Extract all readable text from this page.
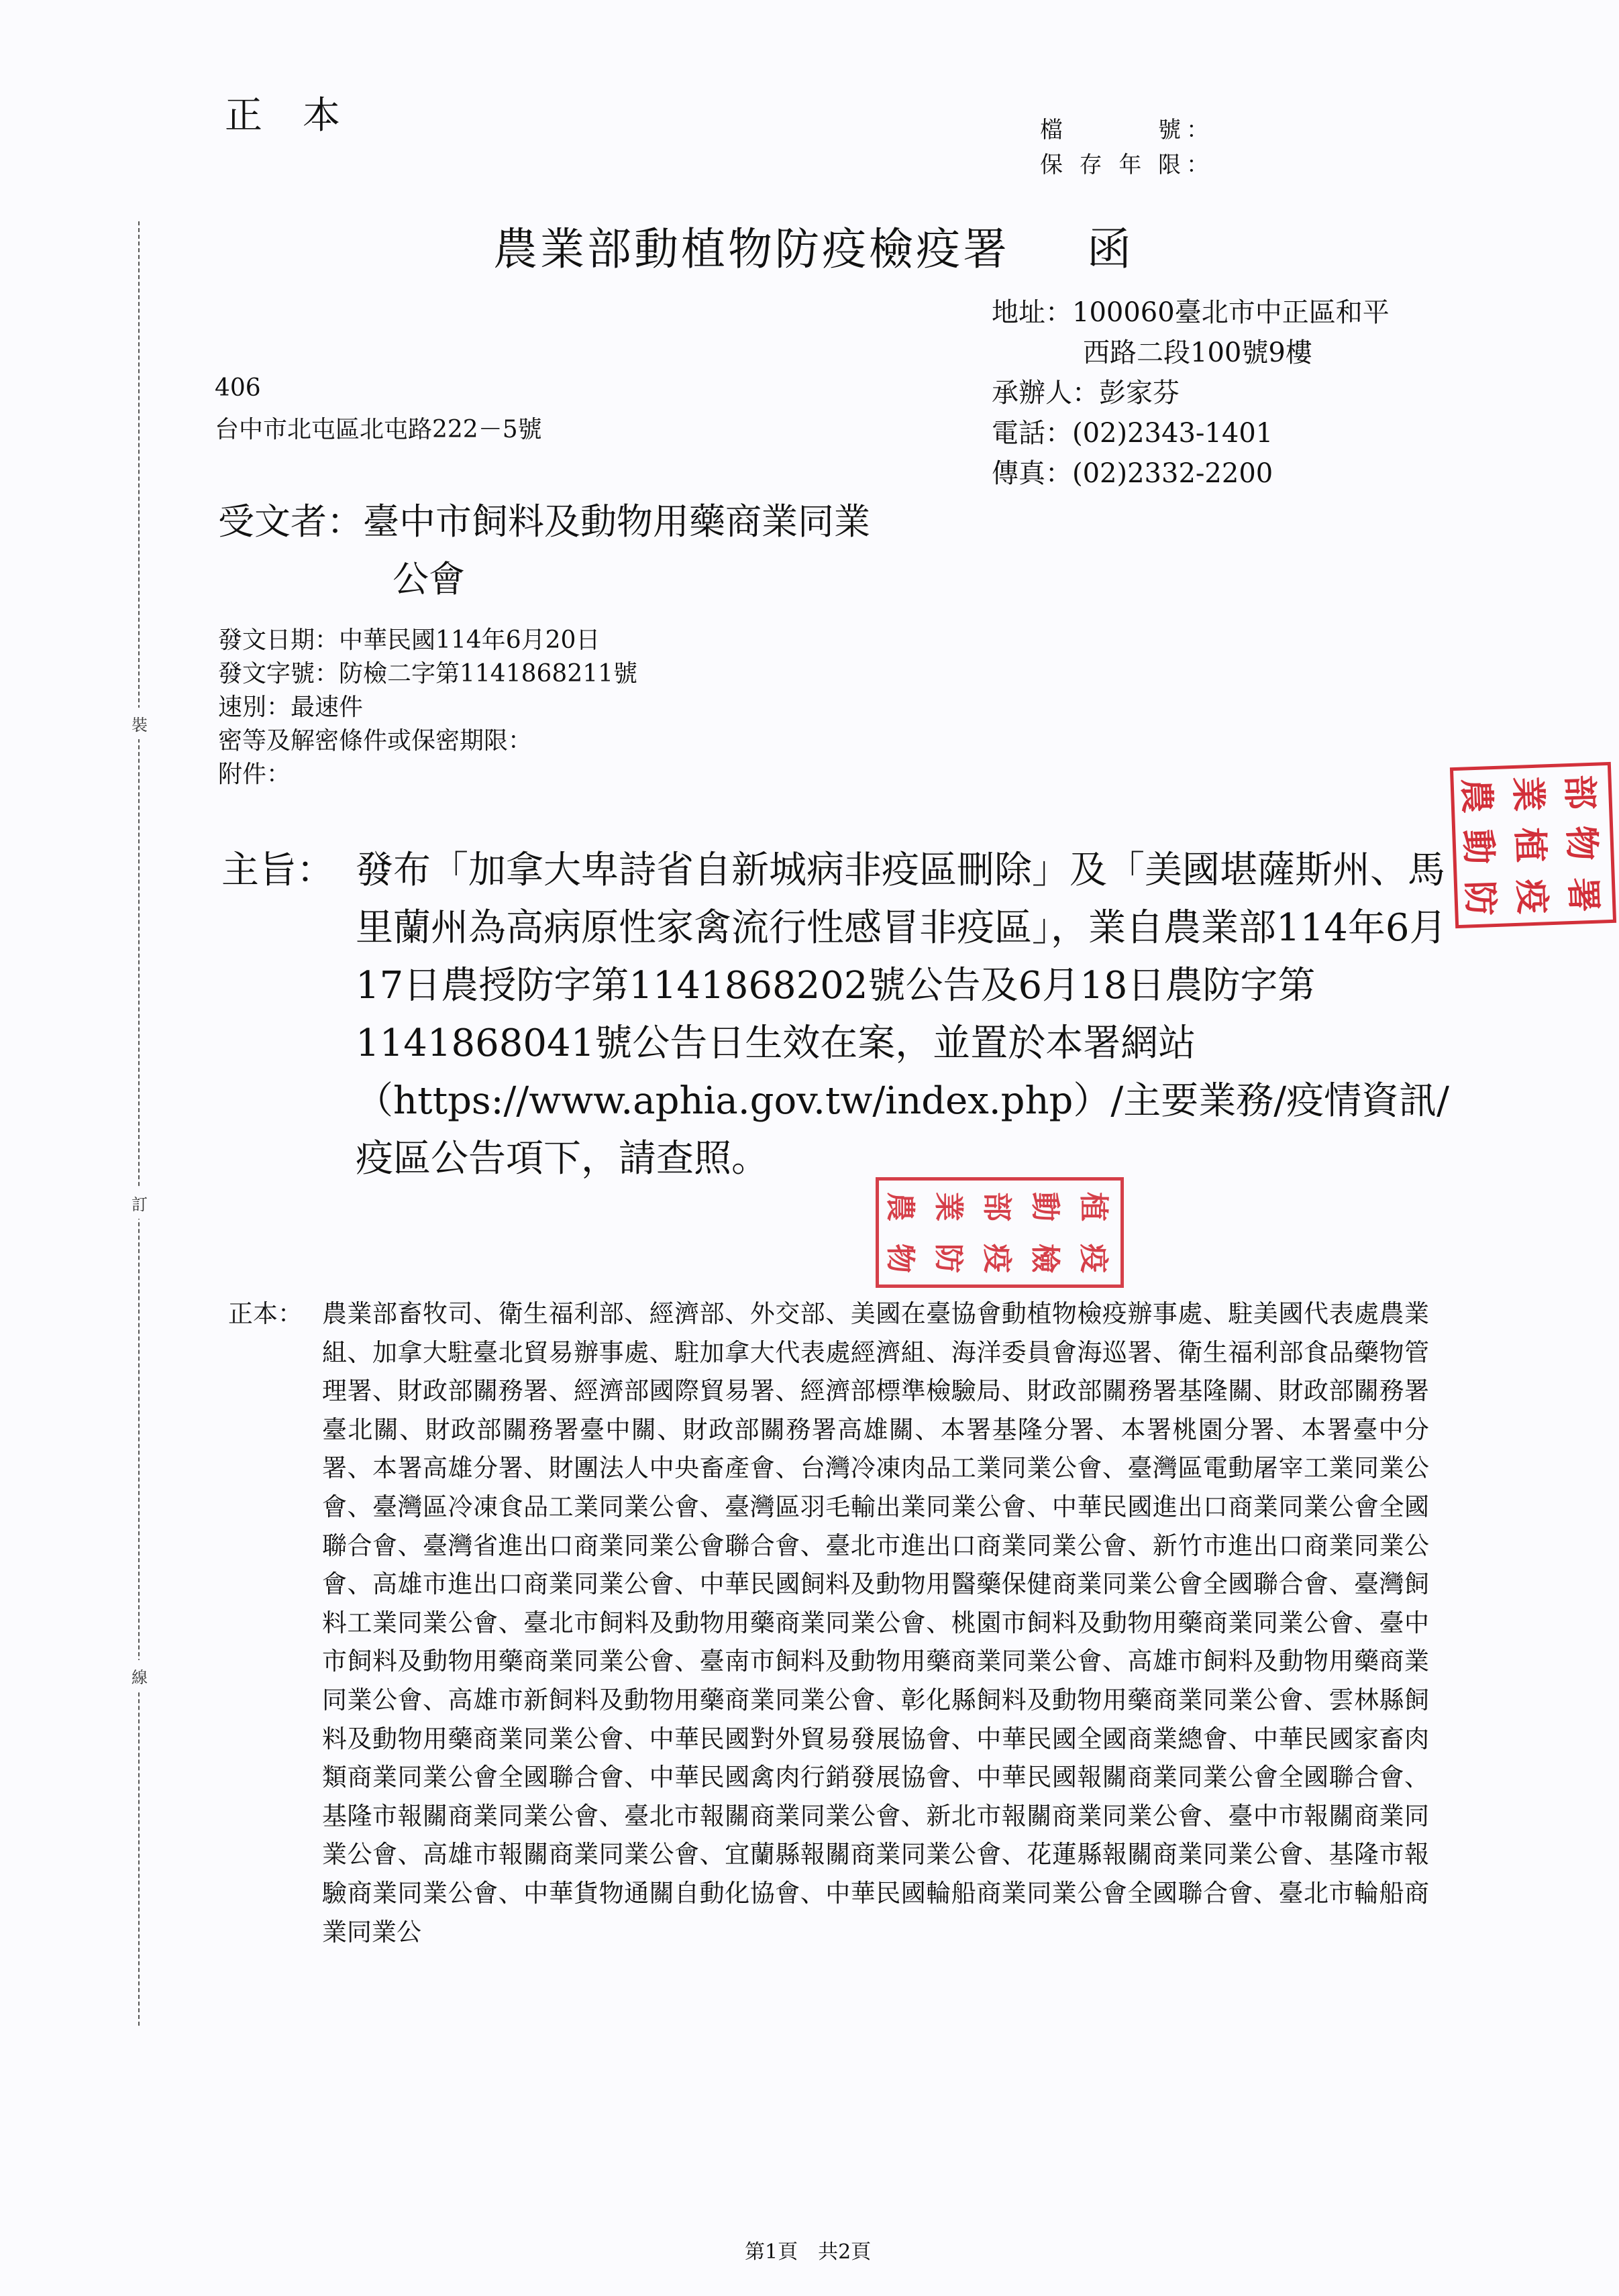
裝
訂
線
正本	檔號 ：
保存年限 ：
農業部動植物防疫檢疫署 函
地址：100060臺北市中正區和平
西路二段100號9樓
承辦人：彭家芬
電話：(02)2343-1401
傳真：(02)2332-2200
406
台中市北屯區北屯路222－5號
受文者：臺中市飼料及動物用藥商業同業
公會
發文日期：中華民國114年6月20日
發文字號：防檢二字第1141868211號
速別：最速件
密等及解密條件或保密期限：
附件：
主旨： 發布「加拿大卑詩省自新城病非疫區刪除」及「美國堪薩斯州、馬里蘭州為高病原性家禽流行性感冒非疫區」，業自農業部114年6月17日農授防字第1141868202號公告及6月18日農防字第1141868041號公告日生效在案，並置於本署網站（https://www.aphia.gov.tw/index.php）/主要業務/疫情資訊/疫區公告項下，請查照。
正本： 農業部畜牧司、衛生福利部、經濟部、外交部、美國在臺協會動植物檢疫辦事處、駐美國代表處農業組、加拿大駐臺北貿易辦事處、駐加拿大代表處經濟組、海洋委員會海巡署、衛生福利部食品藥物管理署、財政部關務署、經濟部國際貿易署、經濟部標準檢驗局、財政部關務署基隆關、財政部關務署臺北關、財政部關務署臺中關、財政部關務署高雄關、本署基隆分署、本署桃園分署、本署臺中分署、本署高雄分署、財團法人中央畜產會、台灣冷凍肉品工業同業公會、臺灣區電動屠宰工業同業公會、臺灣區冷凍食品工業同業公會、臺灣區羽毛輸出業同業公會、中華民國進出口商業同業公會全國聯合會、臺灣省進出口商業同業公會聯合會、臺北市進出口商業同業公會、新竹市進出口商業同業公會、高雄市進出口商業同業公會、中華民國飼料及動物用醫藥保健商業同業公會全國聯合會、臺灣飼料工業同業公會、臺北市飼料及動物用藥商業同業公會、桃園市飼料及動物用藥商業同業公會、臺中市飼料及動物用藥商業同業公會、臺南市飼料及動物用藥商業同業公會、高雄市飼料及動物用藥商業同業公會、高雄市新飼料及動物用藥商業同業公會、彰化縣飼料及動物用藥商業同業公會、雲林縣飼料及動物用藥商業同業公會、中華民國對外貿易發展協會、中華民國全國商業總會、中華民國家畜肉類商業同業公會全國聯合會、中華民國禽肉行銷發展協會、中華民國報關商業同業公會全國聯合會、基隆市報關商業同業公會、臺北市報關商業同業公會、新北市報關商業同業公會、臺中市報關商業同業公會、高雄市報關商業同業公會、宜蘭縣報關商業同業公會、花蓮縣報關商業同業公會、基隆市報驗商業同業公會、中華貨物通關自動化協會、中華民國輪船商業同業公會全國聯合會、臺北市輪船商業同業公
農 業 部
動 植 物
防 疫 署
農 業 部 動 植
物 防 疫 檢 疫
第1頁　共2頁
